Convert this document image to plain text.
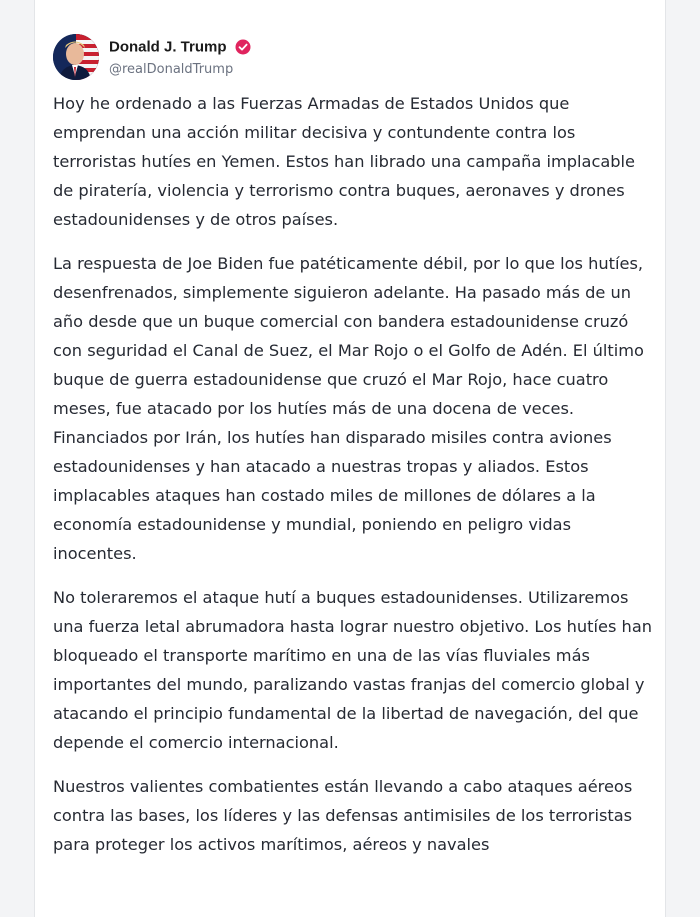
Donald J. Trump
@realDonaldTrump

Hoy he ordenado a las Fuerzas Armadas de Estados Unidos que emprendan una acción militar decisiva y contundente contra los terroristas hutíes en Yemen. Estos han librado una campaña implacable de piratería, violencia y terrorismo contra buques, aeronaves y drones estadounidenses y de otros países.

La respuesta de Joe Biden fue patéticamente débil, por lo que los hutíes, desenfrenados, simplemente siguieron adelante. Ha pasado más de un año desde que un buque comercial con bandera estadounidense cruzó con seguridad el Canal de Suez, el Mar Rojo o el Golfo de Adén. El último buque de guerra estadounidense que cruzó el Mar Rojo, hace cuatro meses, fue atacado por los hutíes más de una docena de veces. Financiados por Irán, los hutíes han disparado misiles contra aviones estadounidenses y han atacado a nuestras tropas y aliados. Estos implacables ataques han costado miles de millones de dólares a la economía estadounidense y mundial, poniendo en peligro vidas inocentes.

No toleraremos el ataque hutí a buques estadounidenses. Utilizaremos una fuerza letal abrumadora hasta lograr nuestro objetivo. Los hutíes han bloqueado el transporte marítimo en una de las vías fluviales más importantes del mundo, paralizando vastas franjas del comercio global y atacando el principio fundamental de la libertad de navegación, del que depende el comercio internacional.

Nuestros valientes combatientes están llevando a cabo ataques aéreos contra las bases, los líderes y las defensas antimisiles de los terroristas para proteger los activos marítimos, aéreos y navales
